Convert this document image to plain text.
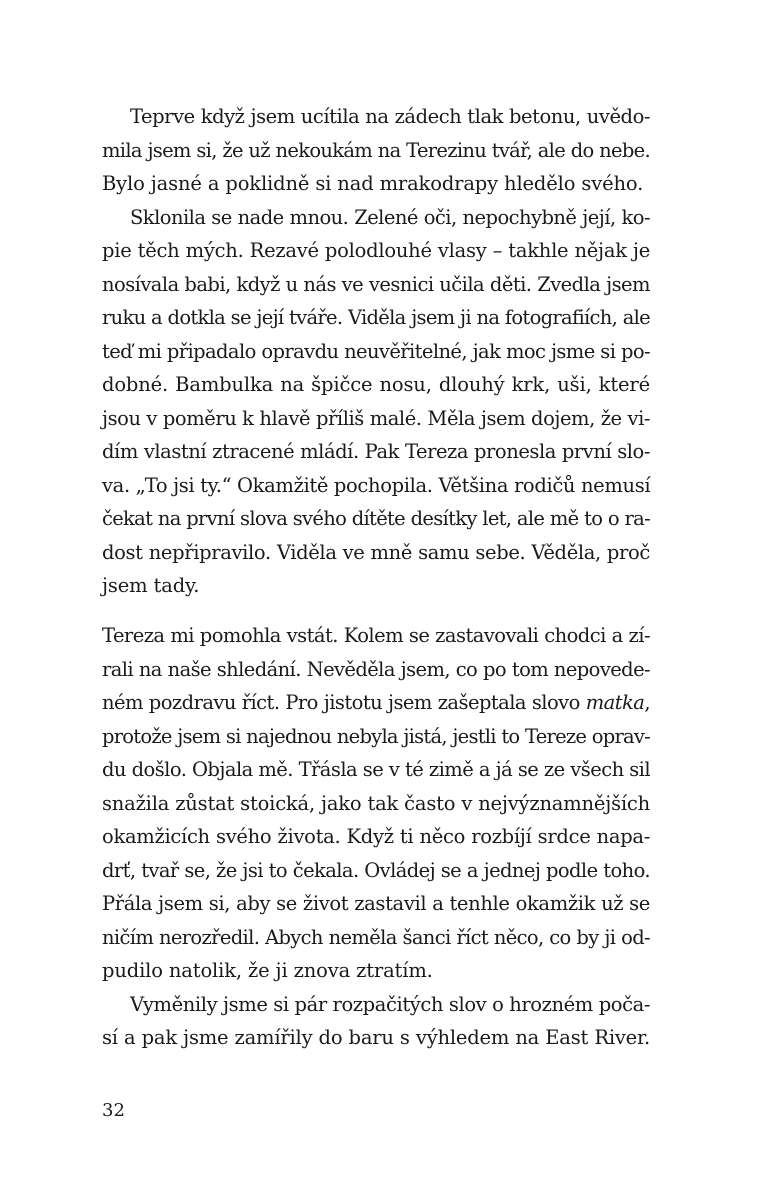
Teprve když jsem ucítila na zádech tlak betonu, uvědo-
mila jsem si, že už nekoukám na Terezinu tvář, ale do nebe.
Bylo jasné a poklidně si nad mrakodrapy hledělo svého.
Sklonila se nade mnou. Zelené oči, nepochybně její, ko-
pie těch mých. Rezavé polodlouhé vlasy – takhle nějak je
nosívala babi, když u nás ve vesnici učila děti. Zvedla jsem
ruku a dotkla se její tváře. Viděla jsem ji na fotografiích, ale
teď mi připadalo opravdu neuvěřitelné, jak moc jsme si po-
dobné. Bambulka na špičce nosu, dlouhý krk, uši, které
jsou v poměru k hlavě příliš malé. Měla jsem dojem, že vi-
dím vlastní ztracené mládí. Pak Tereza pronesla první slo-
va. „To jsi ty.“ Okamžitě pochopila. Většina rodičů nemusí
čekat na první slova svého dítěte desítky let, ale mě to o ra-
dost nepřipravilo. Viděla ve mně samu sebe. Věděla, proč
jsem tady.
Tereza mi pomohla vstát. Kolem se zastavovali chodci a zí-
rali na naše shledání. Nevěděla jsem, co po tom nepovede-
ném pozdravu říct. Pro jistotu jsem zašeptala slovo matka,
protože jsem si najednou nebyla jistá, jestli to Tereze oprav-
du došlo. Objala mě. Třásla se v té zimě a já se ze všech sil
snažila zůstat stoická, jako tak často v nejvýznamnějších
okamžicích svého života. Když ti něco rozbíjí srdce napa-
drť, tvař se, že jsi to čekala. Ovládej se a jednej podle toho.
Přála jsem si, aby se život zastavil a tenhle okamžik už se
ničím nerozředil. Abych neměla šanci říct něco, co by ji od-
pudilo natolik, že ji znova ztratím.
Vyměnily jsme si pár rozpačitých slov o hrozném poča-
sí a pak jsme zamířily do baru s výhledem na East River.
32
